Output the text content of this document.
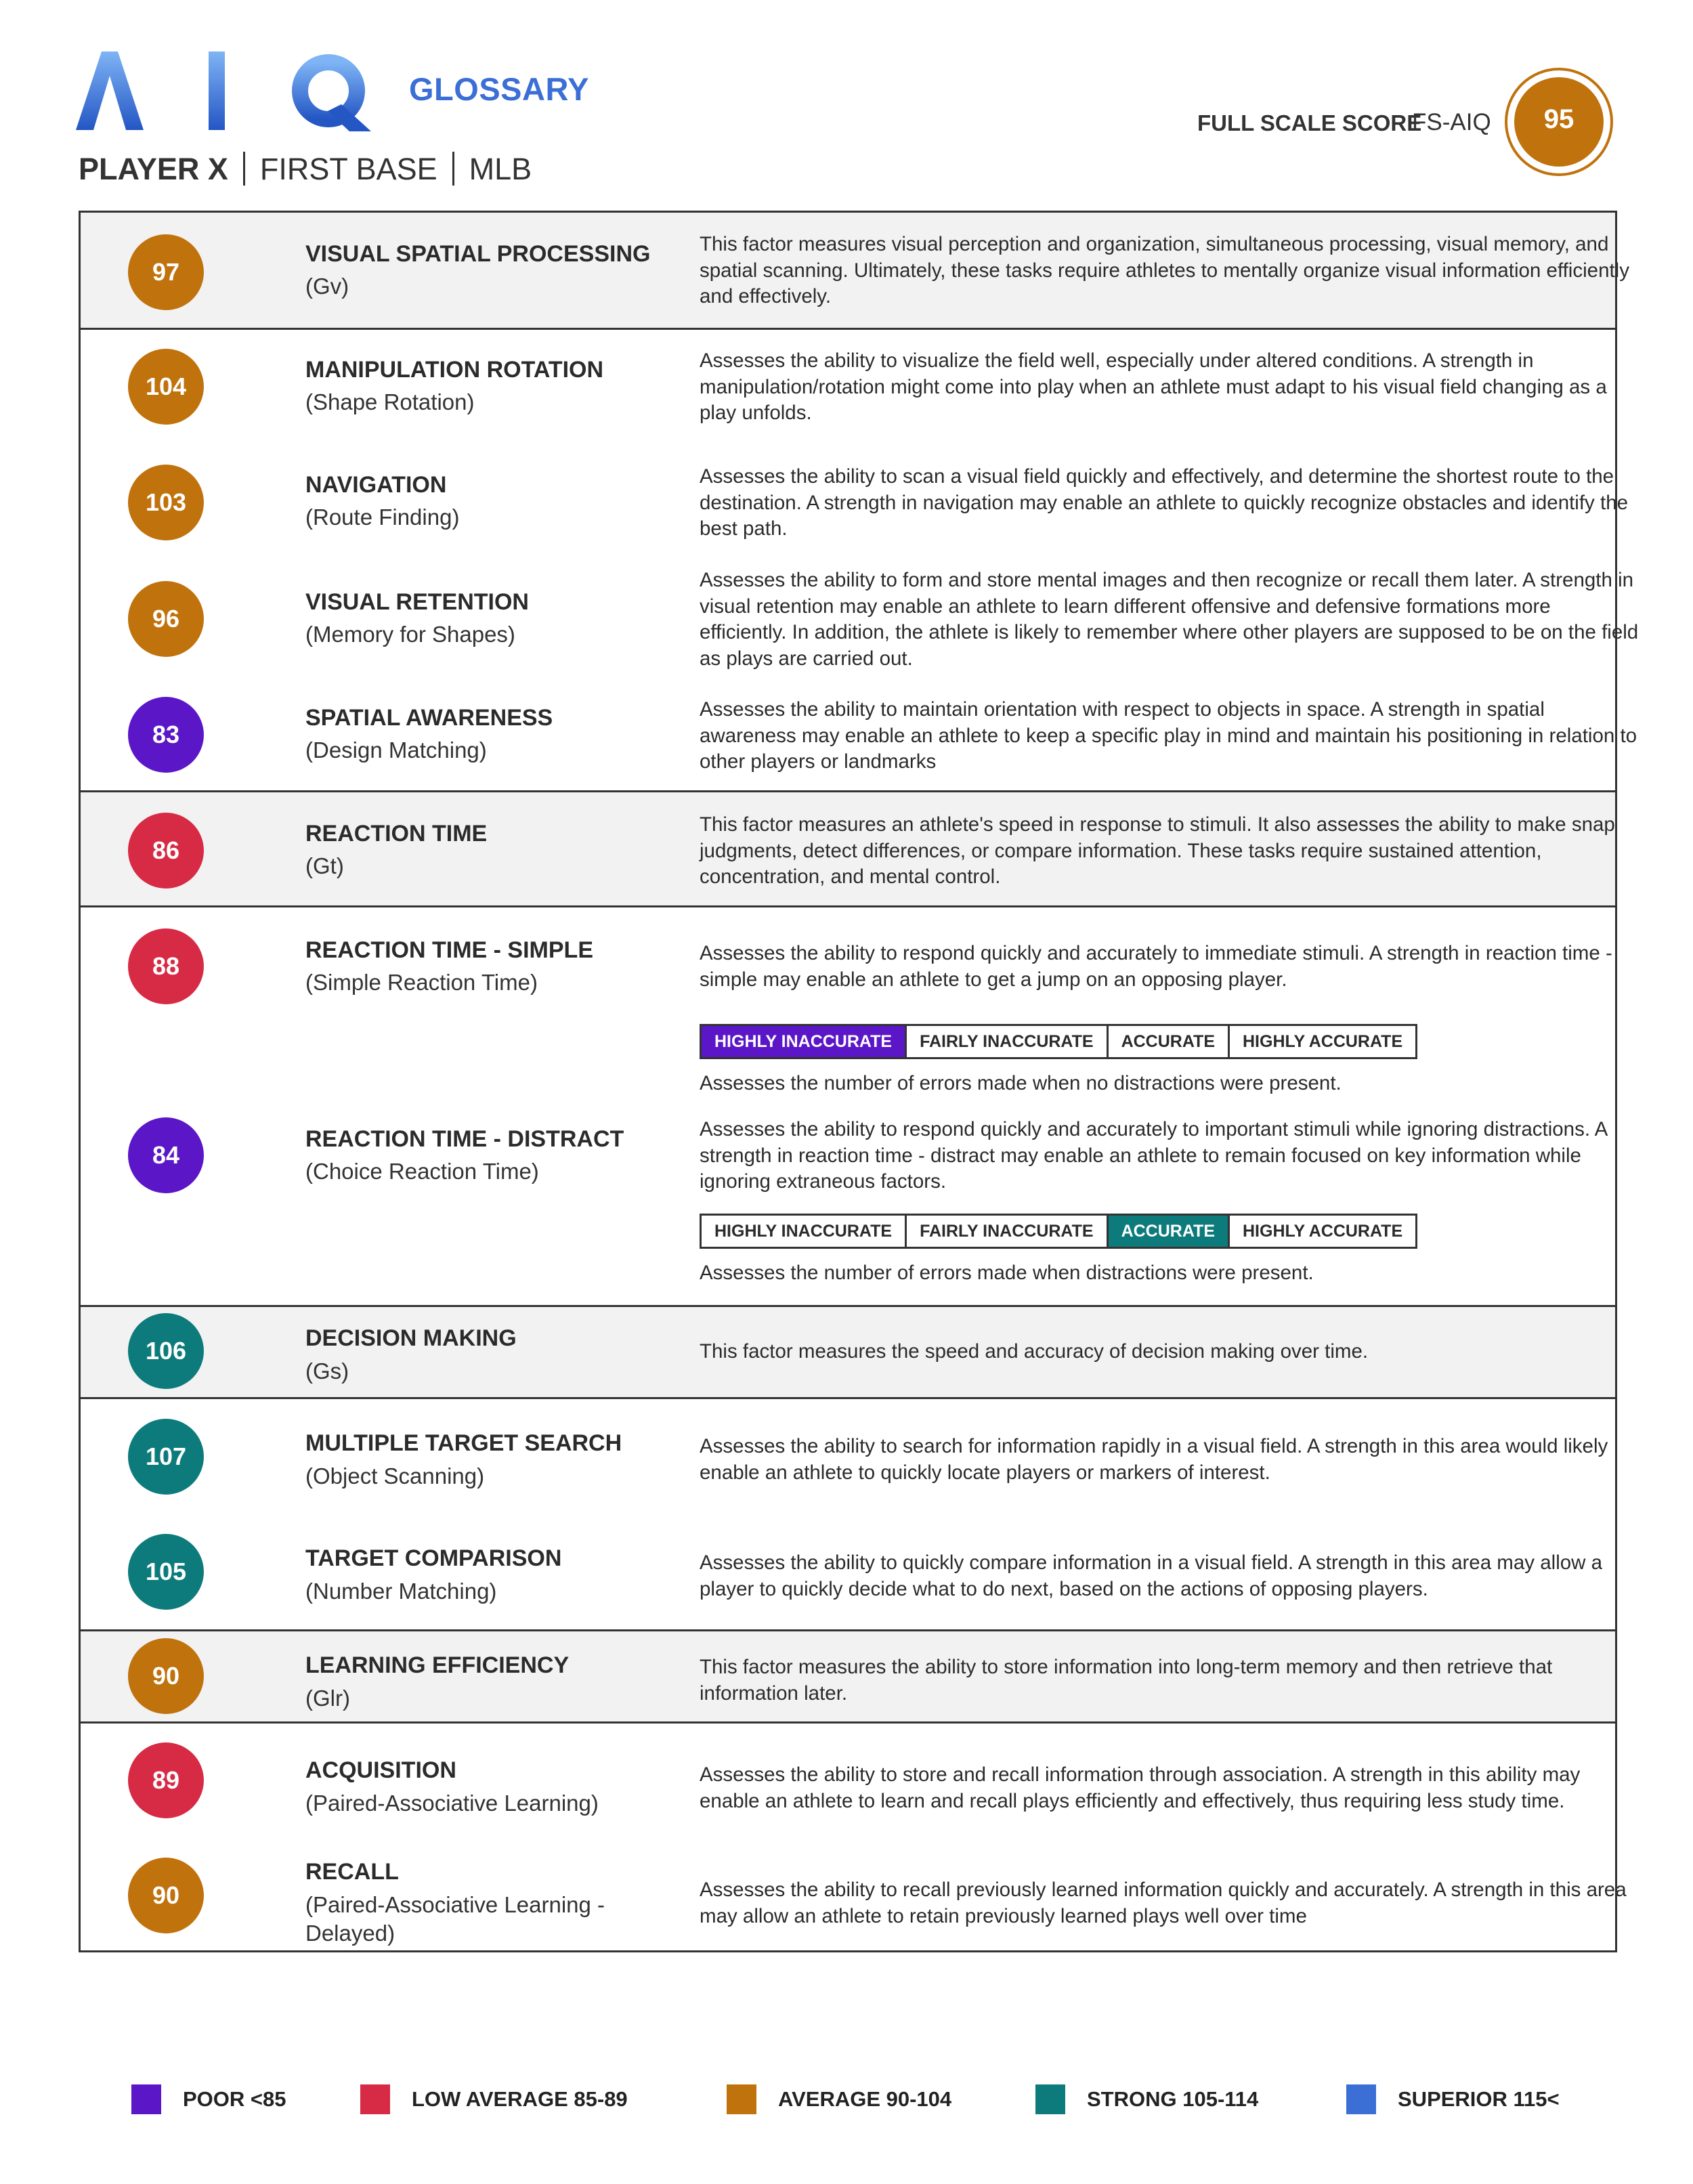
GLOSSARY
PLAYER X FIRST BASE MLB
FULL SCALE SCORE
FS-AIQ	95
97
VISUAL SPATIAL PROCESSING
(Gv)
This factor measures visual perception and organization, simultaneous processing, visual memory, and spatial scanning. Ultimately, these tasks require athletes to mentally organize visual information efficiently and effectively.
104
MANIPULATION ROTATION
(Shape Rotation)
Assesses the ability to visualize the field well, especially under altered conditions. A strength in manipulation/rotation might come into play when an athlete must adapt to his visual field changing as a play unfolds.
103
NAVIGATION
(Route Finding)
Assesses the ability to scan a visual field quickly and effectively, and determine the shortest route to the destination. A strength in navigation may enable an athlete to quickly recognize obstacles and identify the best path.
96
VISUAL RETENTION
(Memory for Shapes)
Assesses the ability to form and store mental images and then recognize or recall them later. A strength in visual retention may enable an athlete to learn different offensive and defensive formations more efficiently. In addition, the athlete is likely to remember where other players are supposed to be on the field as plays are carried out.
83
SPATIAL AWARENESS
(Design Matching)
Assesses the ability to maintain orientation with respect to objects in space. A strength in spatial awareness may enable an athlete to keep a specific play in mind and maintain his positioning in relation to other players or landmarks
86
REACTION TIME
(Gt)
This factor measures an athlete's speed in response to stimuli. It also assesses the ability to make snap judgments, detect differences, or compare information. These tasks require sustained attention, concentration, and mental control.
88
REACTION TIME - SIMPLE
(Simple Reaction Time)
Assesses the ability to respond quickly and accurately to immediate stimuli. A strength in reaction time - simple may enable an athlete to get a jump on an opposing player.
HIGHLY INACCURATE	FAIRLY INACCURATE	ACCURATE	HIGHLY ACCURATE
Assesses the number of errors made when no distractions were present.
84
REACTION TIME - DISTRACT
(Choice Reaction Time)
Assesses the ability to respond quickly and accurately to important stimuli while ignoring distractions. A strength in reaction time - distract may enable an athlete to remain focused on key information while ignoring extraneous factors.
HIGHLY INACCURATE	FAIRLY INACCURATE	ACCURATE	HIGHLY ACCURATE
Assesses the number of errors made when distractions were present.
106	DECISION MAKING
(Gs)
This factor measures the speed and accuracy of decision making over time.
107	MULTIPLE TARGET SEARCH
(Object Scanning)
Assesses the ability to search for information rapidly in a visual field. A strength in this area would likely enable an athlete to quickly locate players or markers of interest.
105	TARGET COMPARISON
(Number Matching)
Assesses the ability to quickly compare information in a visual field. A strength in this area may allow a player to quickly decide what to do next, based on the actions of opposing players.
90	LEARNING EFFICIENCY
(Glr)
This factor measures the ability to store information into long-term memory and then retrieve that information later.
89	ACQUISITION
(Paired-Associative Learning)
Assesses the ability to store and recall information through association. A strength in this ability may enable an athlete to learn and recall plays efficiently and effectively, thus requiring less study time.
90
RECALL
(Paired-Associative Learning - Delayed)
Assesses the ability to recall previously learned information quickly and accurately. A strength in this area may allow an athlete to retain previously learned plays well over time
POOR <85	LOW AVERAGE 85-89	AVERAGE 90-104	STRONG 105-114	SUPERIOR 115<
